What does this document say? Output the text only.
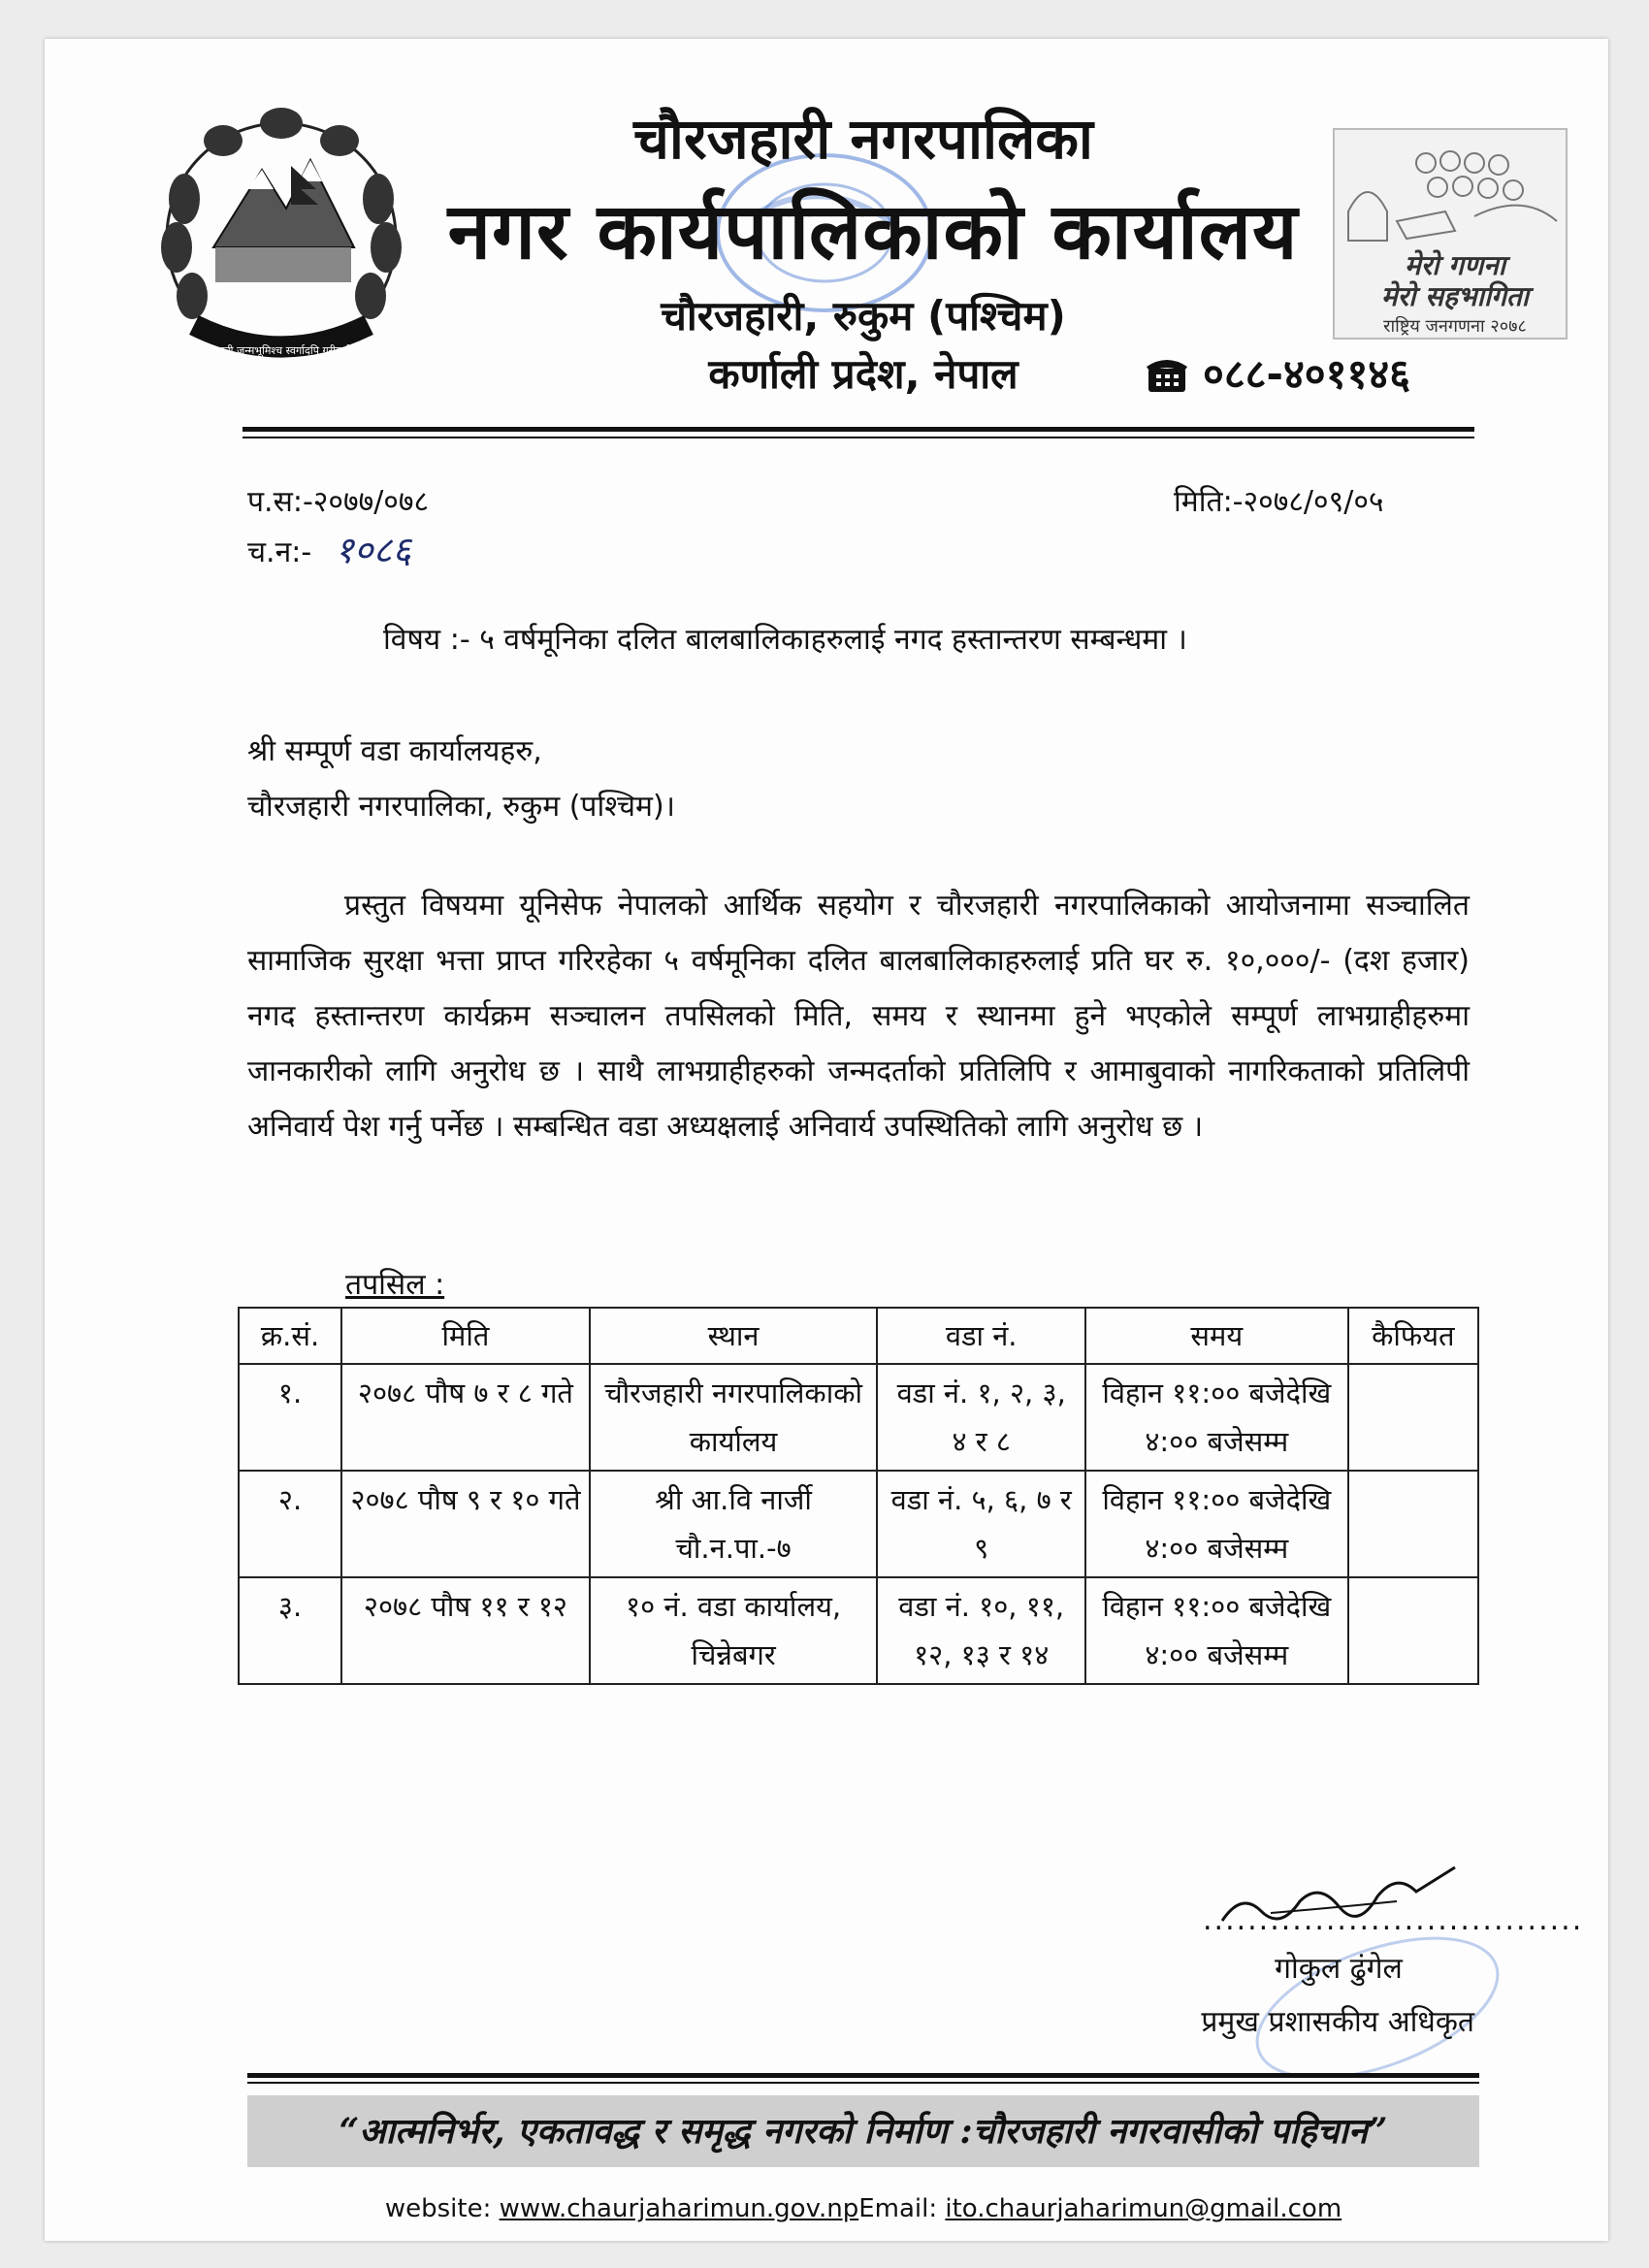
जननी जन्मभूमिश्च स्वर्गादपि गरीयसी
चौरजहारी नगरपालिका
नगर कार्यपालिकाको कार्यालय
चौरजहारी, रुकुम (पश्चिम)
कर्णाली प्रदेश, नेपाल	०८८-४०११४६
मेरो गणना
मेरो सहभागिता
राष्ट्रिय जनगणना २०७८
प.स:-२०७७/०७८
च.न:- १०८६
मिति:-२०७८/०९/०५
विषय :- ५ वर्षमूनिका दलित बालबालिकाहरुलाई नगद हस्तान्तरण सम्बन्धमा ।
श्री सम्पूर्ण वडा कार्यालयहरु,
चौरजहारी नगरपालिका, रुकुम (पश्चिम)।
प्रस्तुत विषयमा यूनिसेफ नेपालको आर्थिक सहयोग र चौरजहारी नगरपालिकाको आयोजनामा सञ्चालित सामाजिक सुरक्षा भत्ता प्राप्त गरिरहेका ५ वर्षमूनिका दलित बालबालिकाहरुलाई प्रति घर रु. १०,०००/- (दश हजार) नगद हस्तान्तरण कार्यक्रम सञ्चालन तपसिलको मिति, समय र स्थानमा हुने भएकोले सम्पूर्ण लाभग्राहीहरुमा जानकारीको लागि अनुरोध छ । साथै लाभग्राहीहरुको जन्मदर्ताको प्रतिलिपि र आमाबुवाको नागरिकताको प्रतिलिपी अनिवार्य पेश गर्नु पर्नेछ । सम्बन्धित वडा अध्यक्षलाई अनिवार्य उपस्थितिको लागि अनुरोध छ ।
तपसिल :
क्र.सं.	मिति	स्थान	वडा नं.	समय	कैफियत
१.	२०७८ पौष ७ र ८ गते	चौरजहारी नगरपालिकाको कार्यालय	वडा नं. १, २, ३, ४ र ८	विहान ११:०० बजेदेखि ४:०० बजेसम्म	
२.	२०७८ पौष ९ र १० गते	श्री आ.वि नार्जी चौ.न.पा.-७	वडा नं. ५, ६, ७ र ९	विहान ११:०० बजेदेखि ४:०० बजेसम्म	
३.	२०७८ पौष ११ र १२	१० नं. वडा कार्यालय, चिन्नेबगर	वडा नं. १०, ११, १२, १३ र १४	विहान ११:०० बजेदेखि ४:०० बजेसम्म	
..................................
गोकुल ढुंगेल
प्रमुख प्रशासकीय अधिकृत
“आत्मनिर्भर, एकतावद्ध र समृद्ध नगरको निर्माण :चौरजहारी नगरवासीको पहिचान”
website: www.chaurjaharimun.gov.npEmail: ito.chaurjaharimun@gmail.com
